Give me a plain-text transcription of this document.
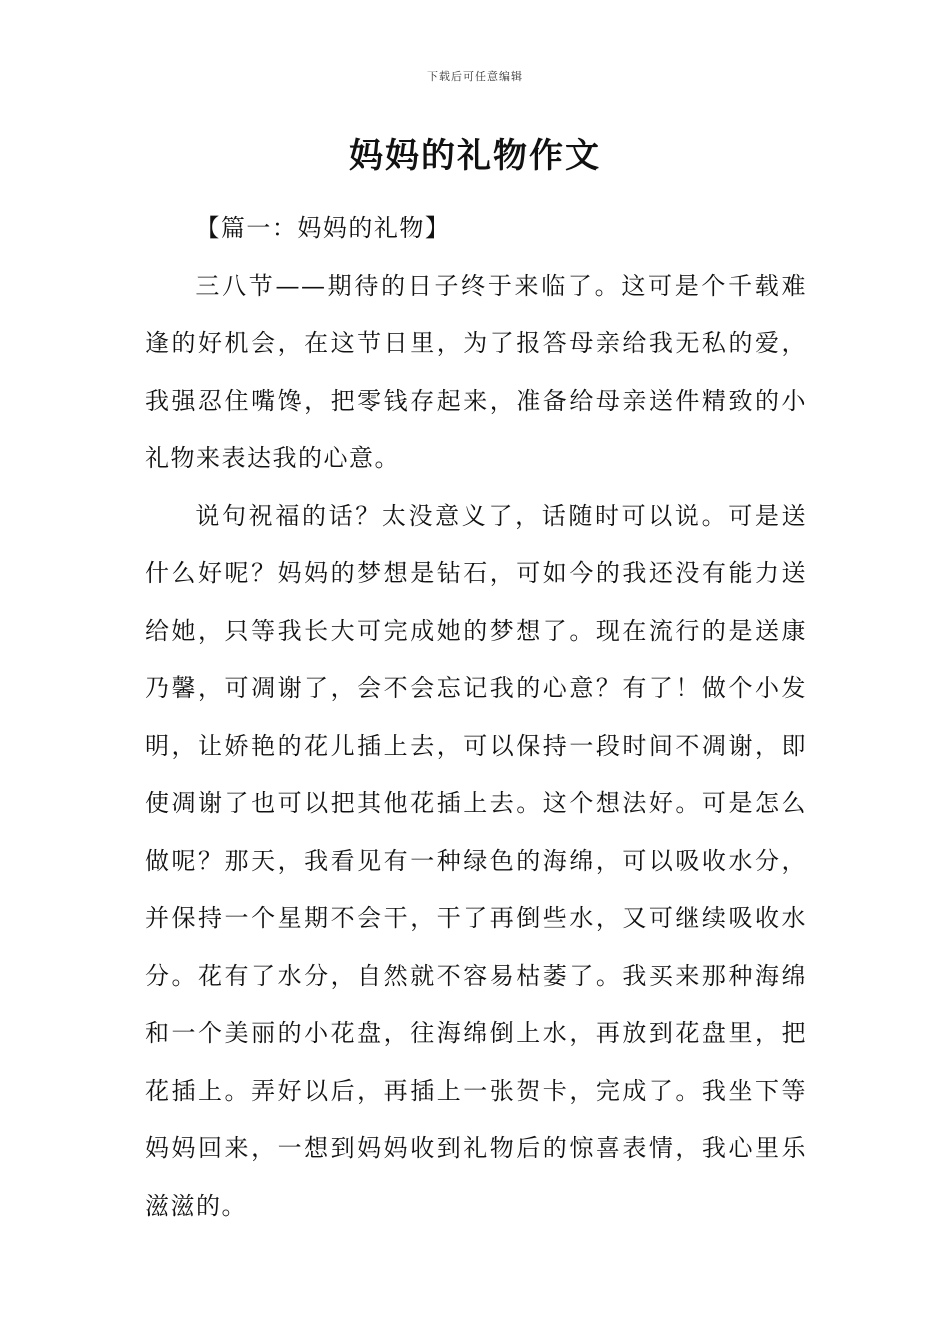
下载后可任意编辑
妈妈的礼物作文

【篇一：妈妈的礼物】

三八节——期待的日子终于来临了。这可是个千载难逢的好机会，在这节日里，为了报答母亲给我无私的爱，我强忍住嘴馋，把零钱存起来，准备给母亲送件精致的小礼物来表达我的心意。

说句祝福的话？太没意义了，话随时可以说。可是送什么好呢？妈妈的梦想是钻石，可如今的我还没有能力送给她，只等我长大可完成她的梦想了。现在流行的是送康乃馨，可凋谢了，会不会忘记我的心意？有了！做个小发明，让娇艳的花儿插上去，可以保持一段时间不凋谢，即使凋谢了也可以把其他花插上去。这个想法好。可是怎么做呢？那天，我看见有一种绿色的海绵，可以吸收水分，并保持一个星期不会干，干了再倒些水，又可继续吸收水分。花有了水分，自然就不容易枯萎了。我买来那种海绵和一个美丽的小花盘，往海绵倒上水，再放到花盘里，把花插上。弄好以后，再插上一张贺卡，完成了。我坐下等妈妈回来，一想到妈妈收到礼物后的惊喜表情，我心里乐滋滋的。
